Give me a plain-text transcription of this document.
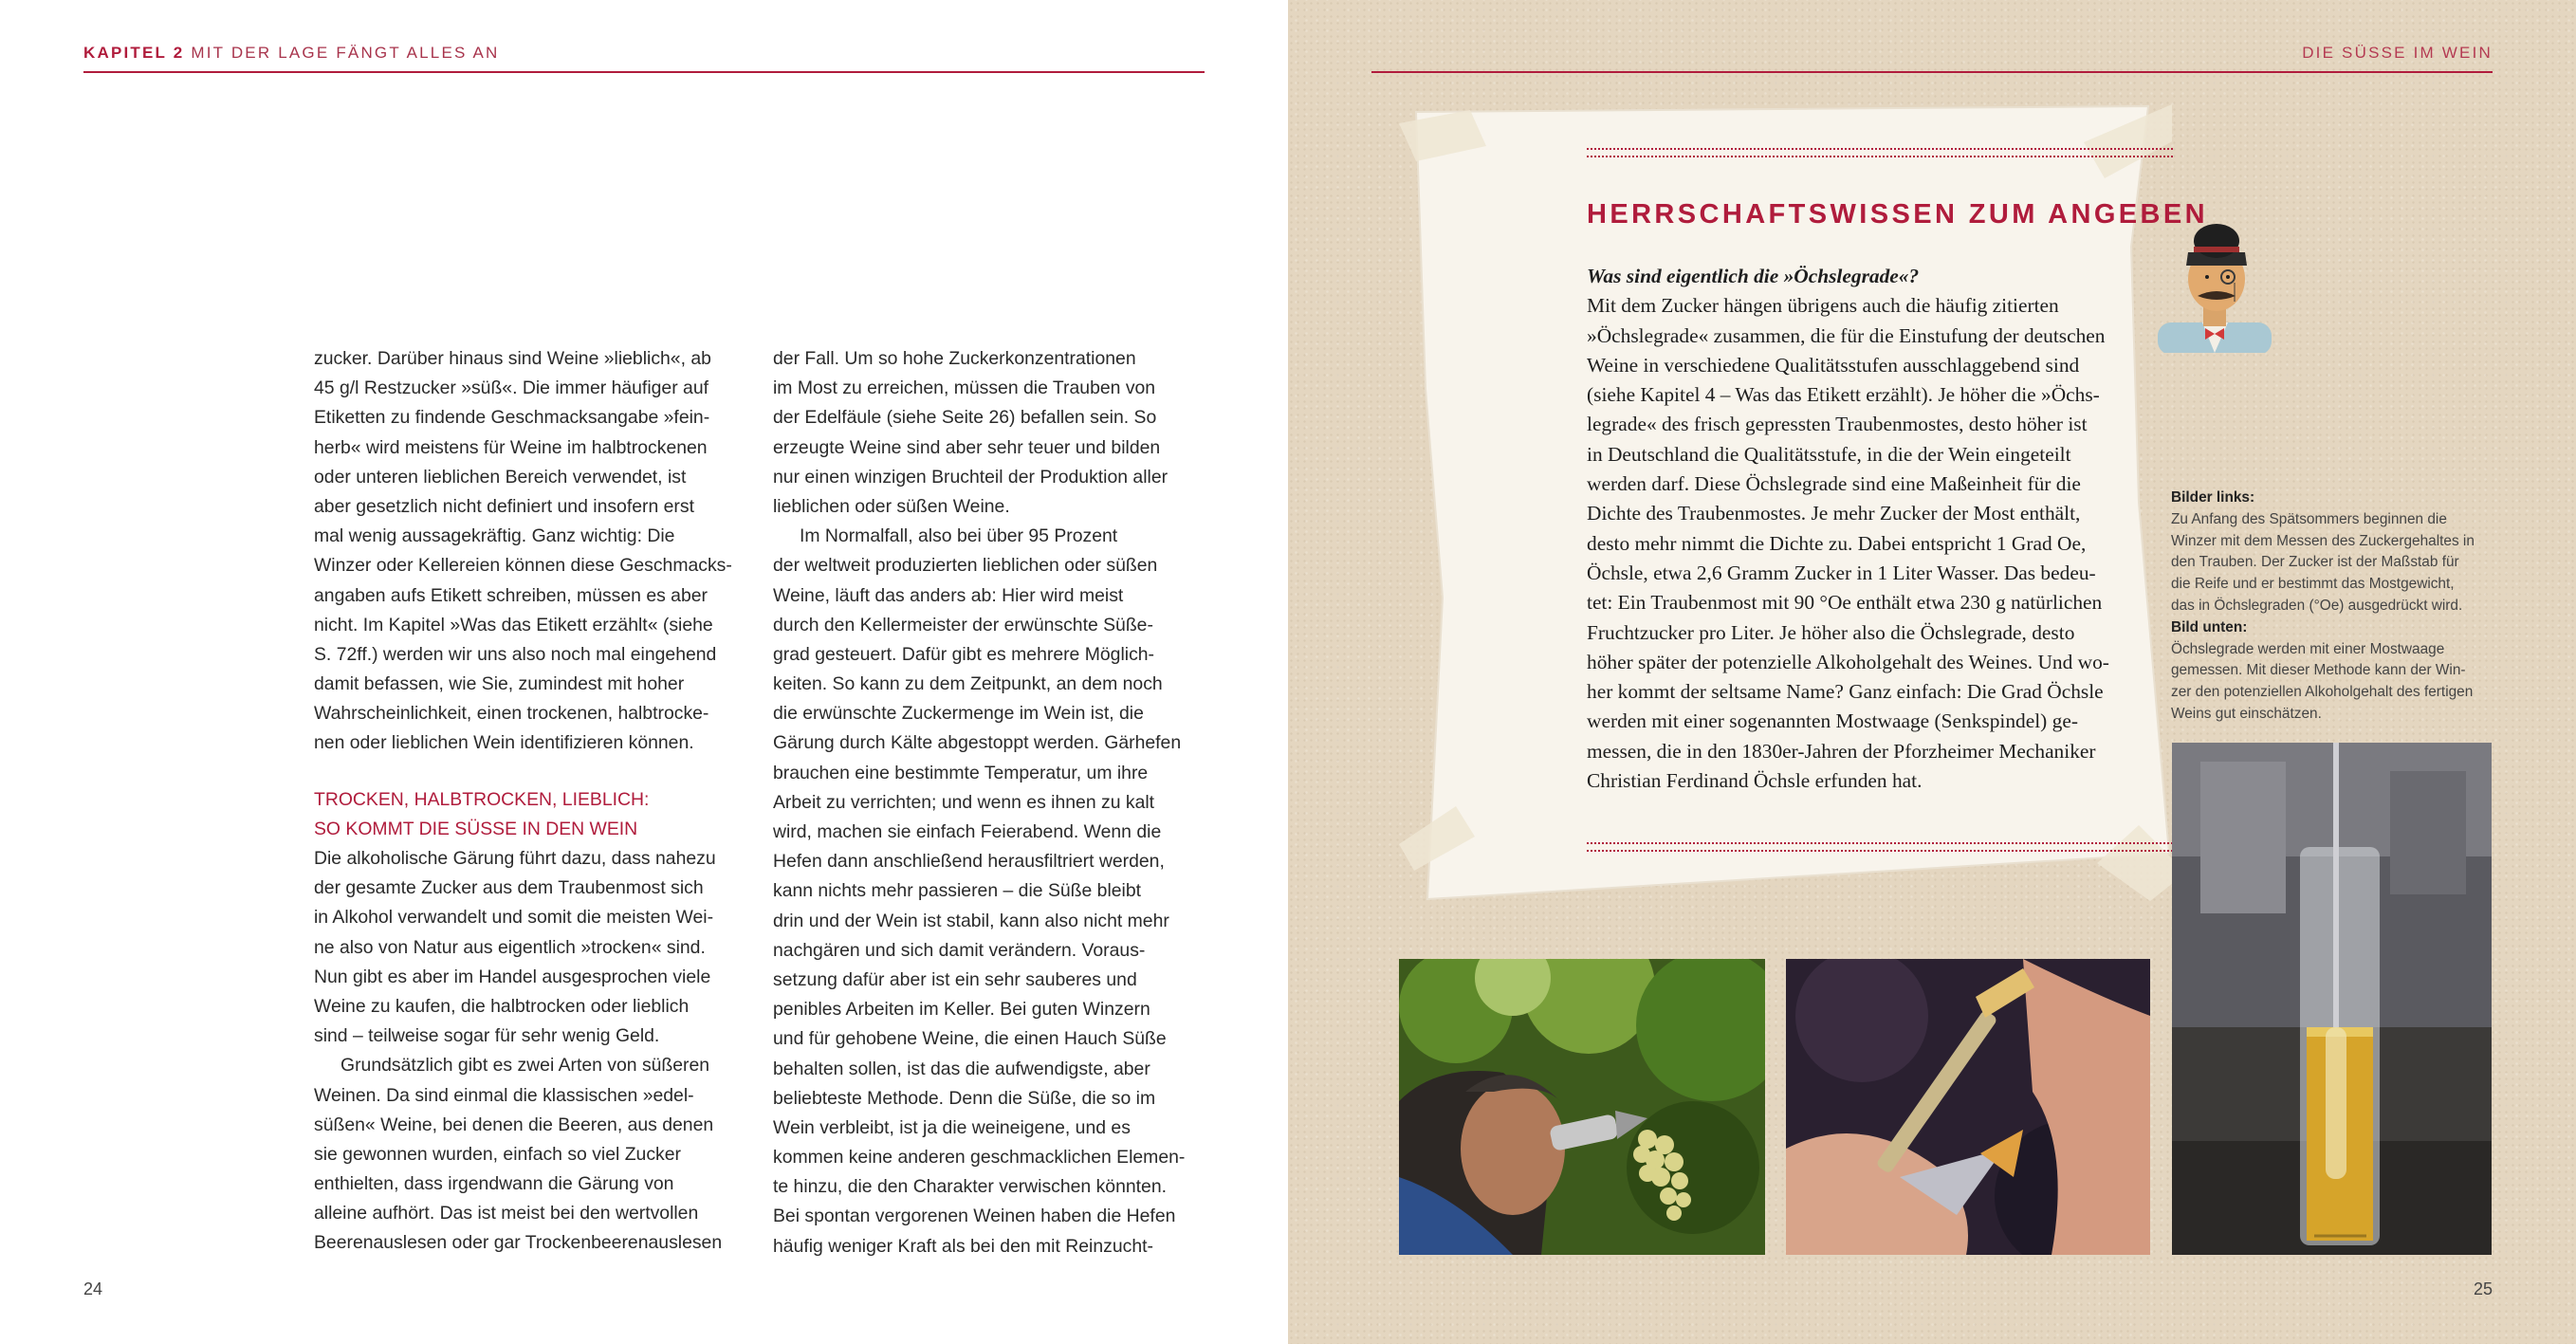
KAPITEL 2 MIT DER LAGE FÄNGT ALLES AN
zucker. Darüber hinaus sind Weine »lieblich«, ab
45 g/l Restzucker »süß«. Die immer häufiger auf
Etiketten zu findende Geschmacksangabe »fein-
herb« wird meistens für Weine im halbtrockenen
oder unteren lieblichen Bereich verwendet, ist
aber gesetzlich nicht definiert und insofern erst
mal wenig aussagekräftig. Ganz wichtig: Die
Winzer oder Kellereien können diese Geschmacks-
angaben aufs Etikett schreiben, müssen es aber
nicht. Im Kapitel »Was das Etikett erzählt« (siehe
S. 72ff.) werden wir uns also noch mal eingehend
damit befassen, wie Sie, zumindest mit hoher
Wahrscheinlichkeit, einen trockenen, halbtrocke-
nen oder lieblichen Wein identifizieren können.
TROCKEN, HALBTROCKEN, LIEBLICH:
SO KOMMT DIE SÜSSE IN DEN WEIN
Die alkoholische Gärung führt dazu, dass nahezu
der gesamte Zucker aus dem Traubenmost sich
in Alkohol verwandelt und somit die meisten Wei-
ne also von Natur aus eigentlich »trocken« sind.
Nun gibt es aber im Handel ausgesprochen viele
Weine zu kaufen, die halbtrocken oder lieblich
sind – teilweise sogar für sehr wenig Geld.
Grundsätzlich gibt es zwei Arten von süßeren
Weinen. Da sind einmal die klassischen »edel-
süßen« Weine, bei denen die Beeren, aus denen
sie gewonnen wurden, einfach so viel Zucker
enthielten, dass irgendwann die Gärung von
alleine aufhört. Das ist meist bei den wertvollen
Beerenauslesen oder gar Trockenbeerenauslesen
der Fall. Um so hohe Zuckerkonzentrationen
im Most zu erreichen, müssen die Trauben von
der Edelfäule (siehe Seite 26) befallen sein. So
erzeugte Weine sind aber sehr teuer und bilden
nur einen winzigen Bruchteil der Produktion aller
lieblichen oder süßen Weine.
Im Normalfall, also bei über 95 Prozent
der weltweit produzierten lieblichen oder süßen
Weine, läuft das anders ab: Hier wird meist
durch den Kellermeister der erwünschte Süße-
grad gesteuert. Dafür gibt es mehrere Möglich-
keiten. So kann zu dem Zeitpunkt, an dem noch
die erwünschte Zuckermenge im Wein ist, die
Gärung durch Kälte abgestoppt werden. Gärhefen
brauchen eine bestimmte Temperatur, um ihre
Arbeit zu verrichten; und wenn es ihnen zu kalt
wird, machen sie einfach Feierabend. Wenn die
Hefen dann anschließend herausfiltriert werden,
kann nichts mehr passieren – die Süße bleibt
drin und der Wein ist stabil, kann also nicht mehr
nachgären und sich damit verändern. Voraus-
setzung dafür aber ist ein sehr sauberes und
penibles Arbeiten im Keller. Bei guten Winzern
und für gehobene Weine, die einen Hauch Süße
behalten sollen, ist das die aufwendigste, aber
beliebteste Methode. Denn die Süße, die so im
Wein verbleibt, ist ja die weineigene, und es
kommen keine anderen geschmacklichen Elemen-
te hinzu, die den Charakter verwischen könnten.
Bei spontan vergorenen Weinen haben die Hefen
häufig weniger Kraft als bei den mit Reinzucht-
24
DIE SÜSSE IM WEIN
HERRSCHAFTSWISSEN ZUM ANGEBEN
Was sind eigentlich die »Öchslegrade«?
Mit dem Zucker hängen übrigens auch die häufig zitierten
»Öchslegrade« zusammen, die für die Einstufung der deutschen
Weine in verschiedene Qualitätsstufen ausschlaggebend sind
(siehe Kapitel 4 – Was das Etikett erzählt). Je höher die »Öchs-
legrade« des frisch gepressten Traubenmostes, desto höher ist
in Deutschland die Qualitätsstufe, in die der Wein eingeteilt
werden darf. Diese Öchslegrade sind eine Maßeinheit für die
Dichte des Traubenmostes. Je mehr Zucker der Most enthält,
desto mehr nimmt die Dichte zu. Dabei entspricht 1 Grad Oe,
Öchsle, etwa 2,6 Gramm Zucker in 1 Liter Wasser. Das bedeu-
tet: Ein Traubenmost mit 90 °Oe enthält etwa 230 g natürlichen
Fruchtzucker pro Liter. Je höher also die Öchslegrade, desto
höher später der potenzielle Alkoholgehalt des Weines. Und wo-
her kommt der seltsame Name? Ganz einfach: Die Grad Öchsle
werden mit einer sogenannten Mostwaage (Senkspindel) ge-
messen, die in den 1830er-Jahren der Pforzheimer Mechaniker
Christian Ferdinand Öchsle erfunden hat.
Bilder links:
Zu Anfang des Spätsommers beginnen die
Winzer mit dem Messen des Zuckergehaltes in
den Trauben. Der Zucker ist der Maßstab für
die Reife und er bestimmt das Mostgewicht,
das in Öchslegraden (°Oe) ausgedrückt wird.
Bild unten:
Öchslegrade werden mit einer Mostwaage
gemessen. Mit dieser Methode kann der Win-
zer den potenziellen Alkoholgehalt des fertigen
Weins gut einschätzen.
25
